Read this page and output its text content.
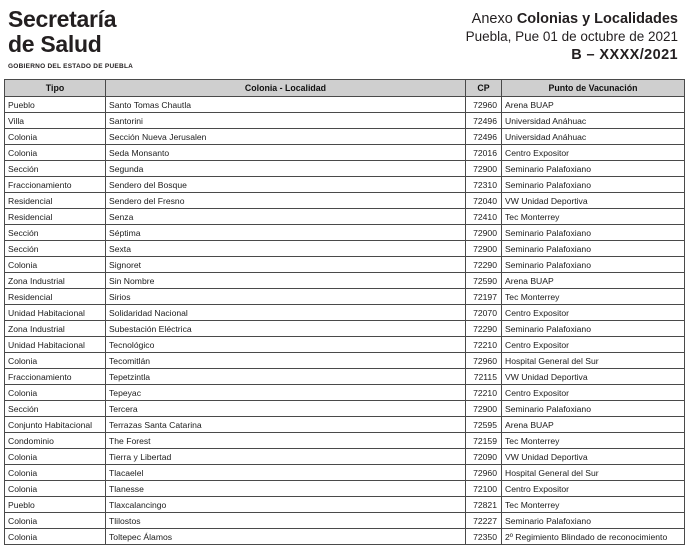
Secretaría
de Salud
GOBIERNO DEL ESTADO DE PUEBLA
Anexo Colonias y Localidades
Puebla, Pue 01 de octubre de 2021
B – XXXX/2021
Tipo	Colonia - Localidad	CP	Punto de Vacunación
Pueblo	Santo Tomas Chautla	72960	Arena BUAP
Villa	Santorini	72496	Universidad Anáhuac
Colonia	Sección Nueva Jerusalen	72496	Universidad Anáhuac
Colonia	Seda Monsanto	72016	Centro Expositor
Sección	Segunda	72900	Seminario Palafoxiano
Fraccionamiento	Sendero del Bosque	72310	Seminario Palafoxiano
Residencial	Sendero del Fresno	72040	VW Unidad Deportiva
Residencial	Senza	72410	Tec Monterrey
Sección	Séptima	72900	Seminario Palafoxiano
Sección	Sexta	72900	Seminario Palafoxiano
Colonia	Signoret	72290	Seminario Palafoxiano
Zona Industrial	Sin Nombre	72590	Arena BUAP
Residencial	Sirios	72197	Tec Monterrey
Unidad Habitacional	Solidaridad Nacional	72070	Centro Expositor
Zona Industrial	Subestación Eléctrica	72290	Seminario Palafoxiano
Unidad Habitacional	Tecnológico	72210	Centro Expositor
Colonia	Tecomitlán	72960	Hospital General del Sur
Fraccionamiento	Tepetzintla	72115	VW Unidad Deportiva
Colonia	Tepeyac	72210	Centro Expositor
Sección	Tercera	72900	Seminario Palafoxiano
Conjunto Habitacional	Terrazas Santa Catarina	72595	Arena BUAP
Condominio	The Forest	72159	Tec Monterrey
Colonia	Tierra y Libertad	72090	VW Unidad Deportiva
Colonia	Tlacaelel	72960	Hospital General del Sur
Colonia	Tlanesse	72100	Centro Expositor
Pueblo	Tlaxcalancingo	72821	Tec Monterrey
Colonia	Tlilostos	72227	Seminario Palafoxiano
Colonia	Toltepec Álamos	72350	2º Regimiento Blindado de reconocimiento
